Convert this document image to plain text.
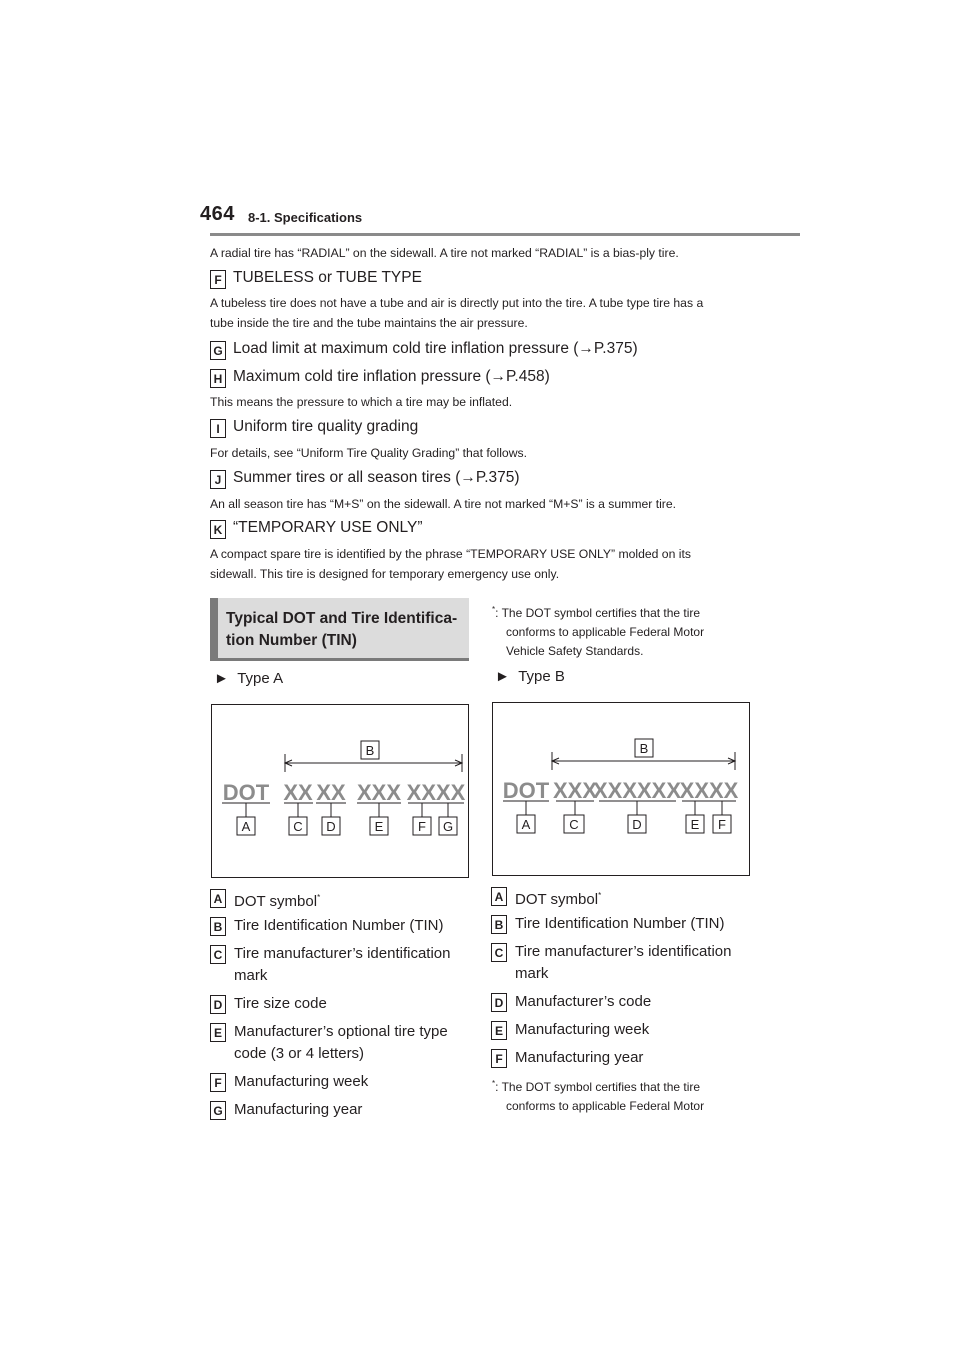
464 8-1. Specifications
A radial tire has “RADIAL” on the sidewall. A tire not marked “RADIAL” is a bias-ply tire.
F TUBELESS or TUBE TYPE
A tubeless tire does not have a tube and air is directly put into the tire. A tube type tire has a
tube inside the tire and the tube maintains the air pressure.
G Load limit at maximum cold tire inflation pressure (→P.375)
H Maximum cold tire inflation pressure (→P.458)
This means the pressure to which a tire may be inflated.
I Uniform tire quality grading
For details, see “Uniform Tire Quality Grading” that follows.
J Summer tires or all season tires (→P.375)
An all season tire has “M+S” on the sidewall. A tire not marked “M+S” is a summer tire.
K “TEMPORARY USE ONLY”
A compact spare tire is identified by the phrase “TEMPORARY USE ONLY” molded on its
sidewall. This tire is designed for temporary emergency use only.
Typical DOT and Tire Identifica-
tion Number (TIN)
*: The DOT symbol certifies that the tire
conforms to applicable Federal Motor
Vehicle Safety Standards.
► Type A
DOT XX XX XXX XXXX
B
A	C D	E	F G
A DOT symbol*
B Tire Identification Number (TIN)
C Tire manufacturer’s identification
mark
D Tire size code
E Manufacturer’s optional tire type
code (3 or 4 letters)
F Manufacturing week
G Manufacturing year
► Type B
DOT XXX
XXXXXX
XXXX
B
A	C	D	E F
A DOT symbol*
B Tire Identification Number (TIN)
C Tire manufacturer’s identification
mark
D Manufacturer’s code
E Manufacturing week
F Manufacturing year
*: The DOT symbol certifies that the tire
conforms to applicable Federal Motor
